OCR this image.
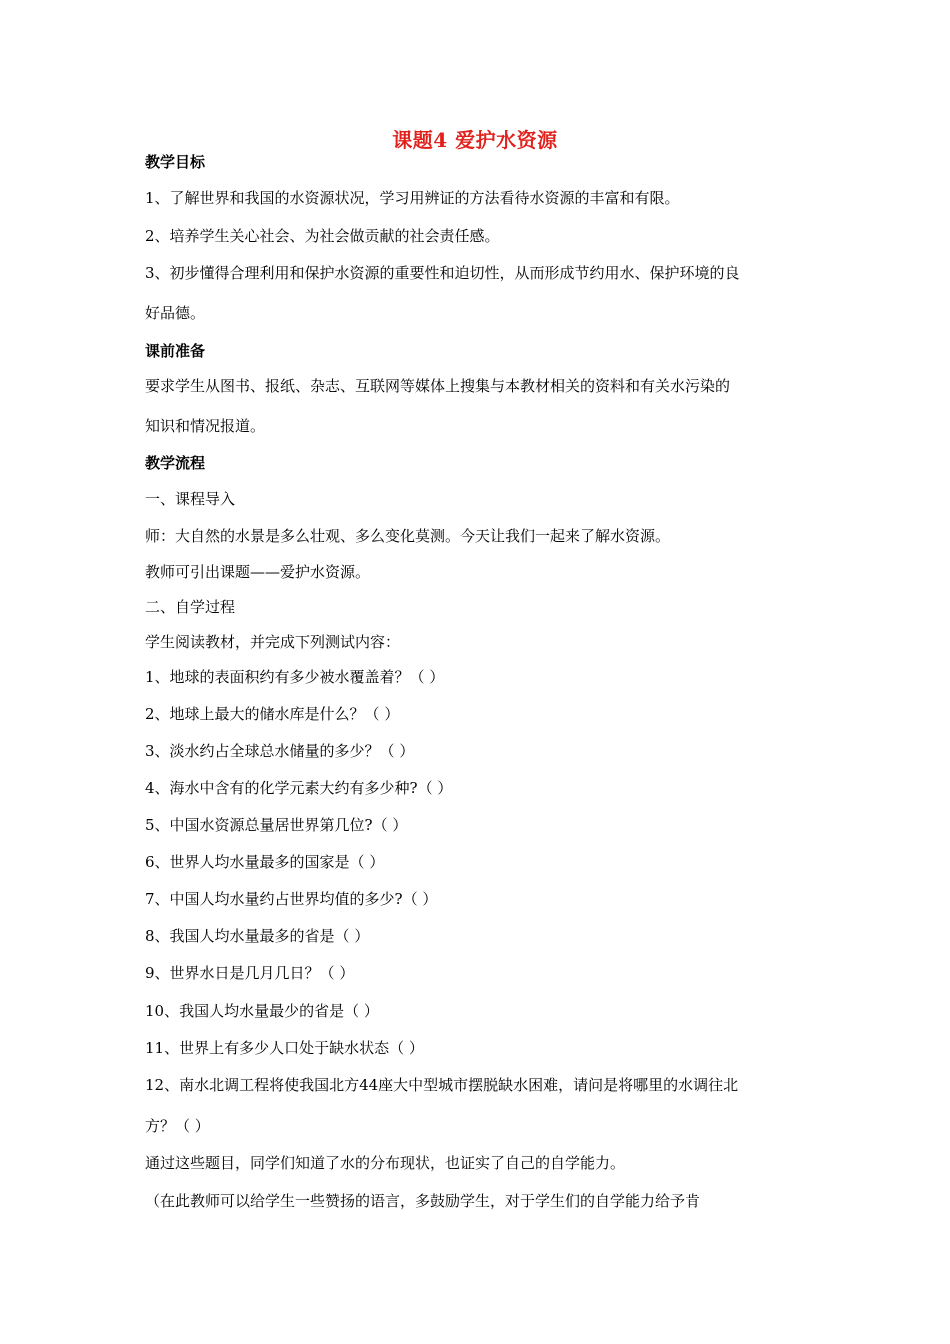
课题4 爱护水资源
教学目标
1、了解世界和我国的水资源状况，学习用辨证的方法看待水资源的丰富和有限。
2、培养学生关心社会、为社会做贡献的社会责任感。
3、初步懂得合理利用和保护水资源的重要性和迫切性，从而形成节约用水、保护环境的良
好品德。
课前准备
要求学生从图书、报纸、杂志、互联网等媒体上搜集与本教材相关的资料和有关水污染的
知识和情况报道。
教学流程
一、课程导入
师：大自然的水景是多么壮观、多么变化莫测。今天让我们一起来了解水资源。
教师可引出课题——爱护水资源。
二、自学过程
学生阅读教材，并完成下列测试内容：
1、地球的表面积约有多少被水覆盖着？（ ）
2、地球上最大的储水库是什么？（ ）
3、淡水约占全球总水储量的多少？（ ）
4、海水中含有的化学元素大约有多少种?（ ）
5、中国水资源总量居世界第几位?（ ）
6、世界人均水量最多的国家是（ ）
7、中国人均水量约占世界均值的多少?（ ）
8、我国人均水量最多的省是（ ）
9、世界水日是几月几日？（ ）
10、我国人均水量最少的省是（ ）
11、世界上有多少人口处于缺水状态（ ）
12、南水北调工程将使我国北方44座大中型城市摆脱缺水困难，请问是将哪里的水调往北
方？（ ）
通过这些题目，同学们知道了水的分布现状，也证实了自己的自学能力。
（在此教师可以给学生一些赞扬的语言，多鼓励学生，对于学生们的自学能力给予肯
